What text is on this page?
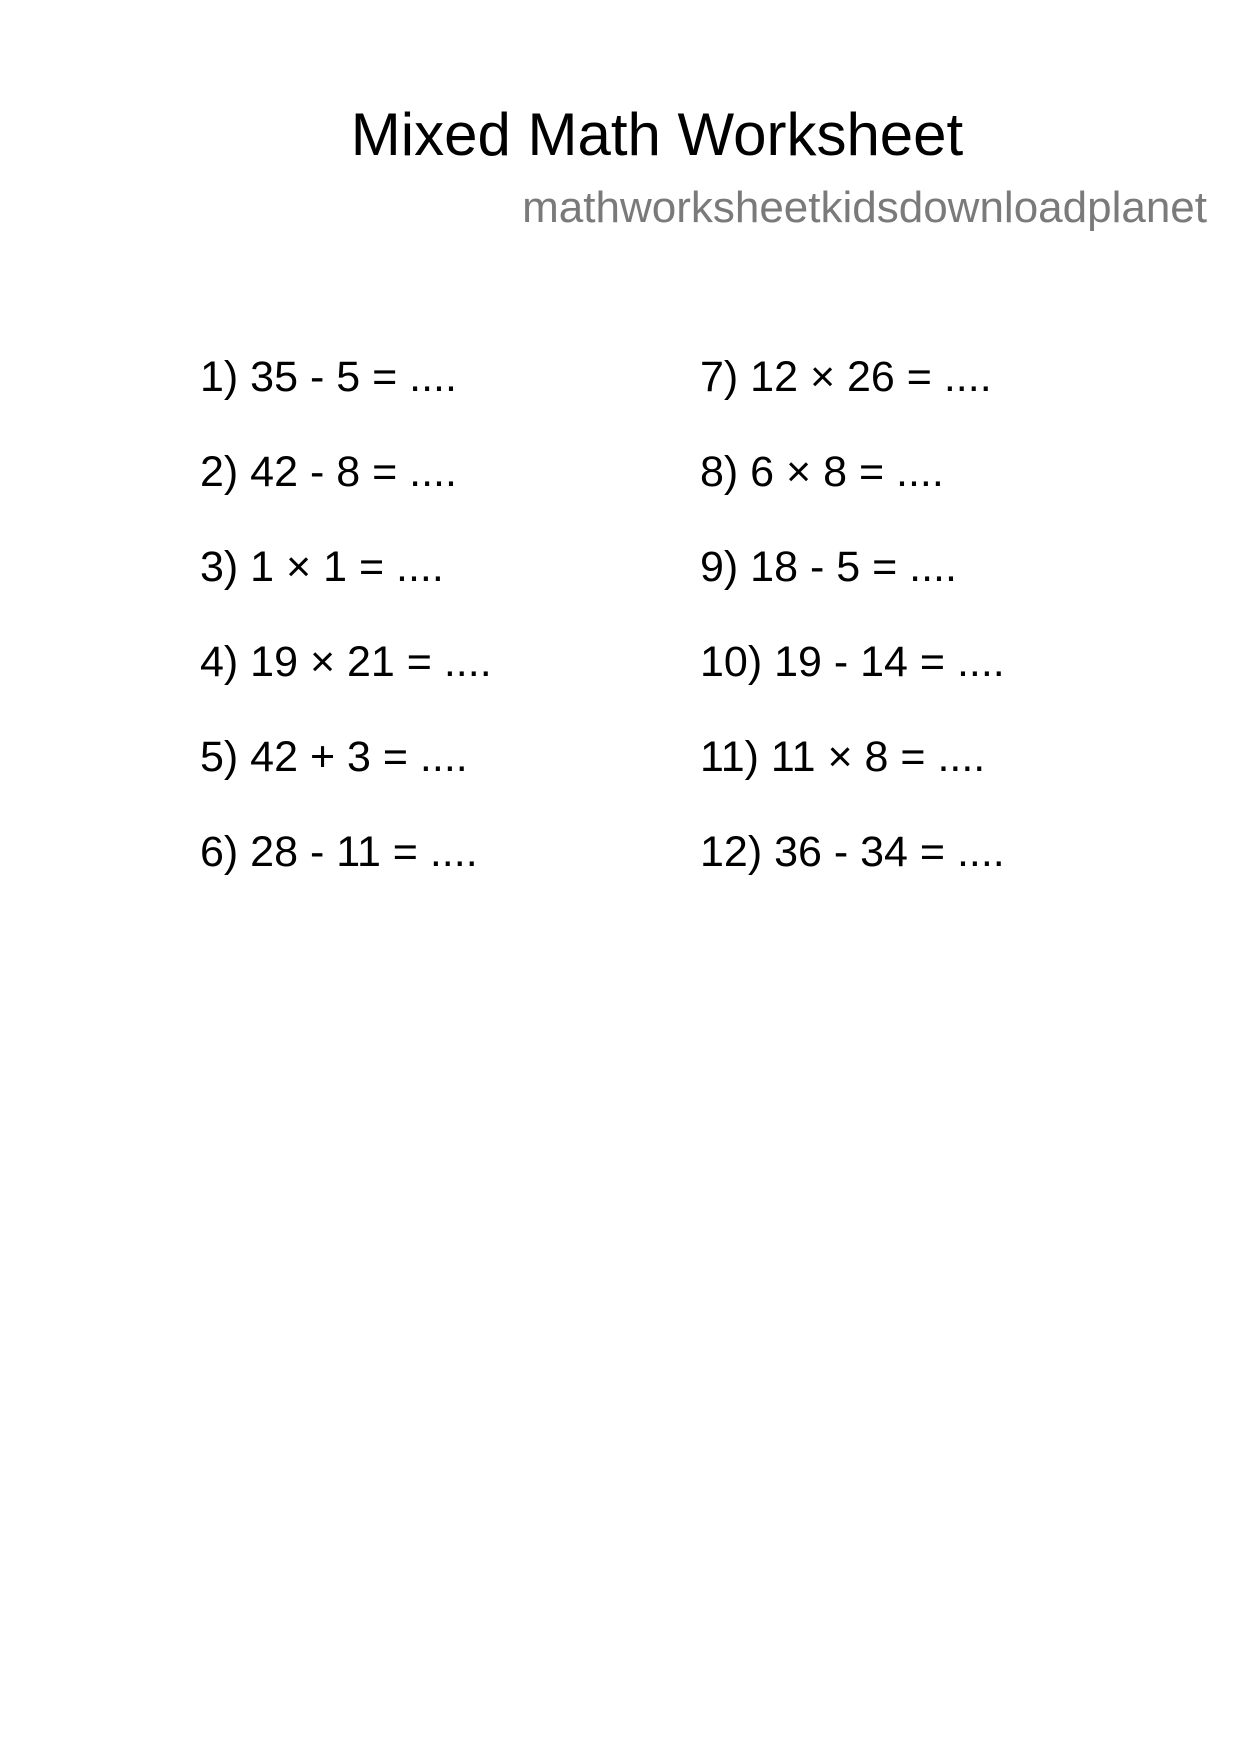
Mixed Math Worksheet
mathworksheetkidsdownloadplanet
1) 35 - 5 = ....
2) 42 - 8 = ....
3) 1 × 1 = ....
4) 19 × 21 = ....
5) 42 + 3 = ....
6) 28 - 11 = ....
7) 12 × 26 = ....
8) 6 × 8 = ....
9) 18 - 5 = ....
10) 19 - 14 = ....
11) 11 × 8 = ....
12) 36 - 34 = ....
